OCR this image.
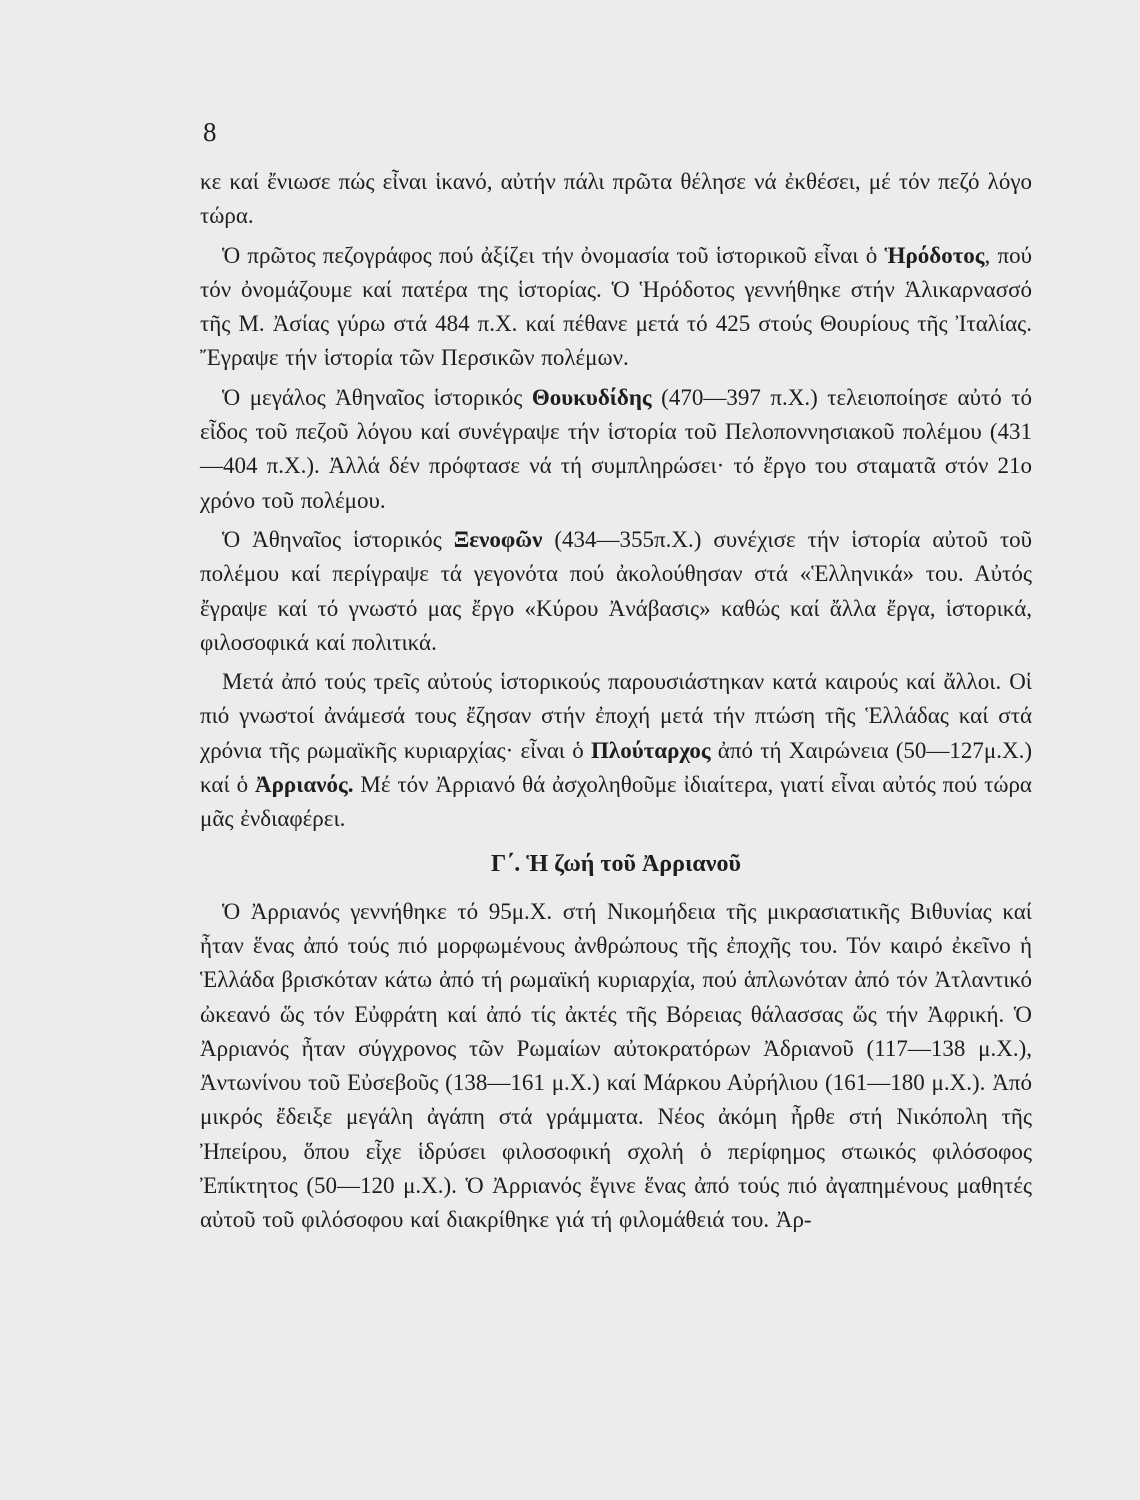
8

κε καί ἔνιωσε πώς εἶναι ἱκανό, αὐτήν πάλι πρῶτα θέλησε νά ἐκθέσει, μέ τόν πεζό λόγο τώρα.

Ὁ πρῶτος πεζογράφος πού ἀξίζει τήν ὀνομασία τοῦ ἱστορικοῦ εἶναι ὁ Ἡρόδοτος, πού τόν ὀνομάζουμε καί πατέρα της ἱστορίας. Ὁ Ἡρόδοτος γεννήθηκε στήν Ἁλικαρνασσό τῆς Μ. Ἀσίας γύρω στά 484 π.Χ. καί πέθανε μετά τό 425 στούς Θουρίους τῆς Ἰταλίας. Ἔγραψε τήν ἱστορία τῶν Περσικῶν πολέμων.

Ὁ μεγάλος Ἀθηναῖος ἱστορικός Θουκυδίδης (470—397 π.Χ.) τελειοποίησε αὐτό τό εἶδος τοῦ πεζοῦ λόγου καί συνέγραψε τήν ἱστορία τοῦ Πελοποννησιακοῦ πολέμου (431—404 π.Χ.). Ἀλλά δέν πρόφτασε νά τή συμπληρώσει· τό ἔργο του σταματᾶ στόν 21ο χρόνο τοῦ πολέμου.

Ὁ Ἀθηναῖος ἱστορικός Ξενοφῶν (434—355π.Χ.) συνέχισε τήν ἱστορία αὐτοῦ τοῦ πολέμου καί περίγραψε τά γεγονότα πού ἀκολούθησαν στά «Ἑλληνικά» του. Αὐτός ἔγραψε καί τό γνωστό μας ἔργο «Κύρου Ἀνάβασις» καθώς καί ἄλλα ἔργα, ἱστορικά, φιλοσοφικά καί πολιτικά.

Μετά ἀπό τούς τρεῖς αὐτούς ἱστορικούς παρουσιάστηκαν κατά καιρούς καί ἄλλοι. Οἱ πιό γνωστοί ἀνάμεσά τους ἔζησαν στήν ἐποχή μετά τήν πτώση τῆς Ἑλλάδας καί στά χρόνια τῆς ρωμαϊκῆς κυριαρχίας· εἶναι ὁ Πλούταρχος ἀπό τή Χαιρώνεια (50—127μ.Χ.) καί ὁ Ἀρριανός. Μέ τόν Ἀρριανό θά ἀσχοληθοῦμε ἰδιαίτερα, γιατί εἶναι αὐτός πού τώρα μᾶς ἐνδιαφέρει.

Γ΄. Ἡ ζωή τοῦ Ἀρριανοῦ

Ὁ Ἀρριανός γεννήθηκε τό 95μ.Χ. στή Νικομήδεια τῆς μικρασιατικῆς Βιθυνίας καί ἦταν ἕνας ἀπό τούς πιό μορφωμένους ἀνθρώπους τῆς ἐποχῆς του. Τόν καιρό ἐκεῖνο ἡ Ἑλλάδα βρισκόταν κάτω ἀπό τή ρωμαϊκή κυριαρχία, πού ἁπλωνόταν ἀπό τόν Ἀτλαντικό ὠκεανό ὥς τόν Εὐφράτη καί ἀπό τίς ἀκτές τῆς Βόρειας θάλασσας ὥς τήν Ἀφρική. Ὁ Ἀρριανός ἦταν σύγχρονος τῶν Ρωμαίων αὐτοκρατόρων Ἀδριανοῦ (117—138 μ.Χ.), Ἀντωνίνου τοῦ Εὐσεβοῦς (138—161 μ.Χ.) καί Μάρκου Αὐρήλιου (161—180 μ.Χ.). Ἀπό μικρός ἔδειξε μεγάλη ἀγάπη στά γράμματα. Νέος ἀκόμη ἦρθε στή Νικόπολη τῆς Ἠπείρου, ὅπου εἶχε ἱδρύσει φιλοσοφική σχολή ὁ περίφημος στωικός φιλόσοφος Ἐπίκτητος (50—120 μ.Χ.). Ὁ Ἀρριανός ἔγινε ἕνας ἀπό τούς πιό ἀγαπημένους μαθητές αὐτοῦ τοῦ φιλόσοφου καί διακρίθηκε γιά τή φιλομάθειά του. Ἀρ-
